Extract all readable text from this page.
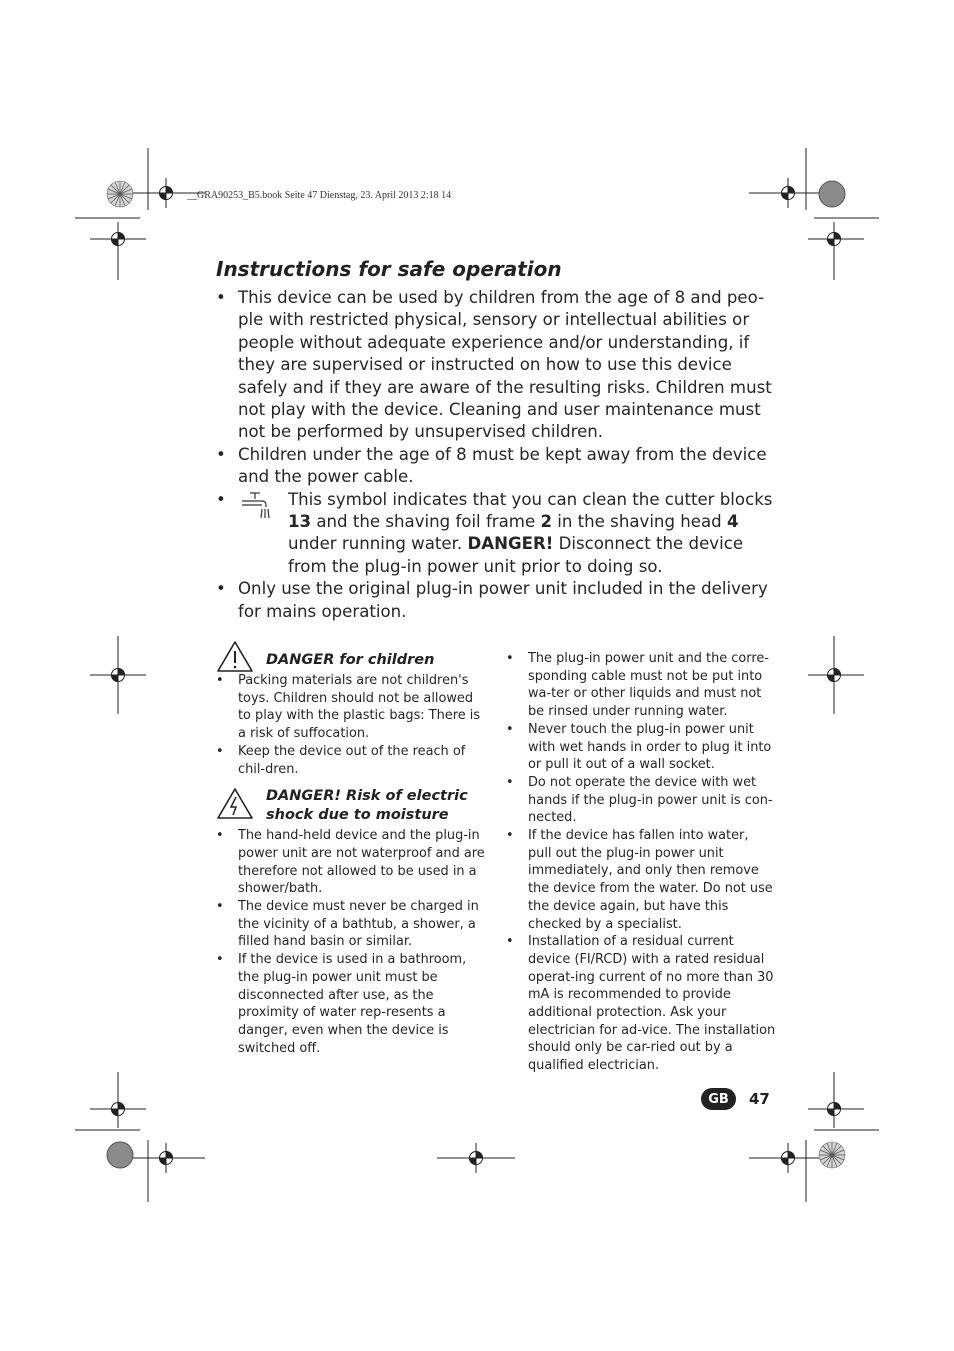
__GRA90253_B5.book Seite 47 Dienstag, 23. April 2013 2:18 14
Instructions for safe operation
• This device can be used by children from the age of 8 and peo-ple with restricted physical, sensory or intellectual abilities or people without adequate experience and/or understanding, if they are supervised or instructed on how to use this device safely and if they are aware of the resulting risks. Children must not play with the device. Cleaning and user maintenance must not be performed by unsupervised children.
• Children under the age of 8 must be kept away from the device and the power cable.
• This symbol indicates that you can clean the cutter blocks 13 and the shaving foil frame 2 in the shaving head 4 under running water. DANGER! Disconnect the device from the plug-in power unit prior to doing so.
• Only use the original plug-in power unit included in the delivery for mains operation.
DANGER for children
• Packing materials are not children's toys. Children should not be allowed to play with the plastic bags: There is a risk of suffocation.
• Keep the device out of the reach of chil-dren.
DANGER! Risk of electric
shock due to moisture
• The hand-held device and the plug-in power unit are not waterproof and are therefore not allowed to be used in a shower/bath.
• The device must never be charged in the vicinity of a bathtub, a shower, a filled hand basin or similar.
• If the device is used in a bathroom, the plug-in power unit must be disconnected after use, as the proximity of water rep-resents a danger, even when the device is switched off.
• The plug-in power unit and the corre-sponding cable must not be put into wa-ter or other liquids and must not be rinsed under running water.
• Never touch the plug-in power unit with wet hands in order to plug it into or pull it out of a wall socket.
• Do not operate the device with wet hands if the plug-in power unit is con-nected.
• If the device has fallen into water, pull out the plug-in power unit immediately, and only then remove the device from the water. Do not use the device again, but have this checked by a specialist.
• Installation of a residual current device (FI/RCD) with a rated residual operat-ing current of no more than 30 mA is recommended to provide additional protection. Ask your electrician for ad-vice. The installation should only be car-ried out by a qualified electrician.
GB	47
